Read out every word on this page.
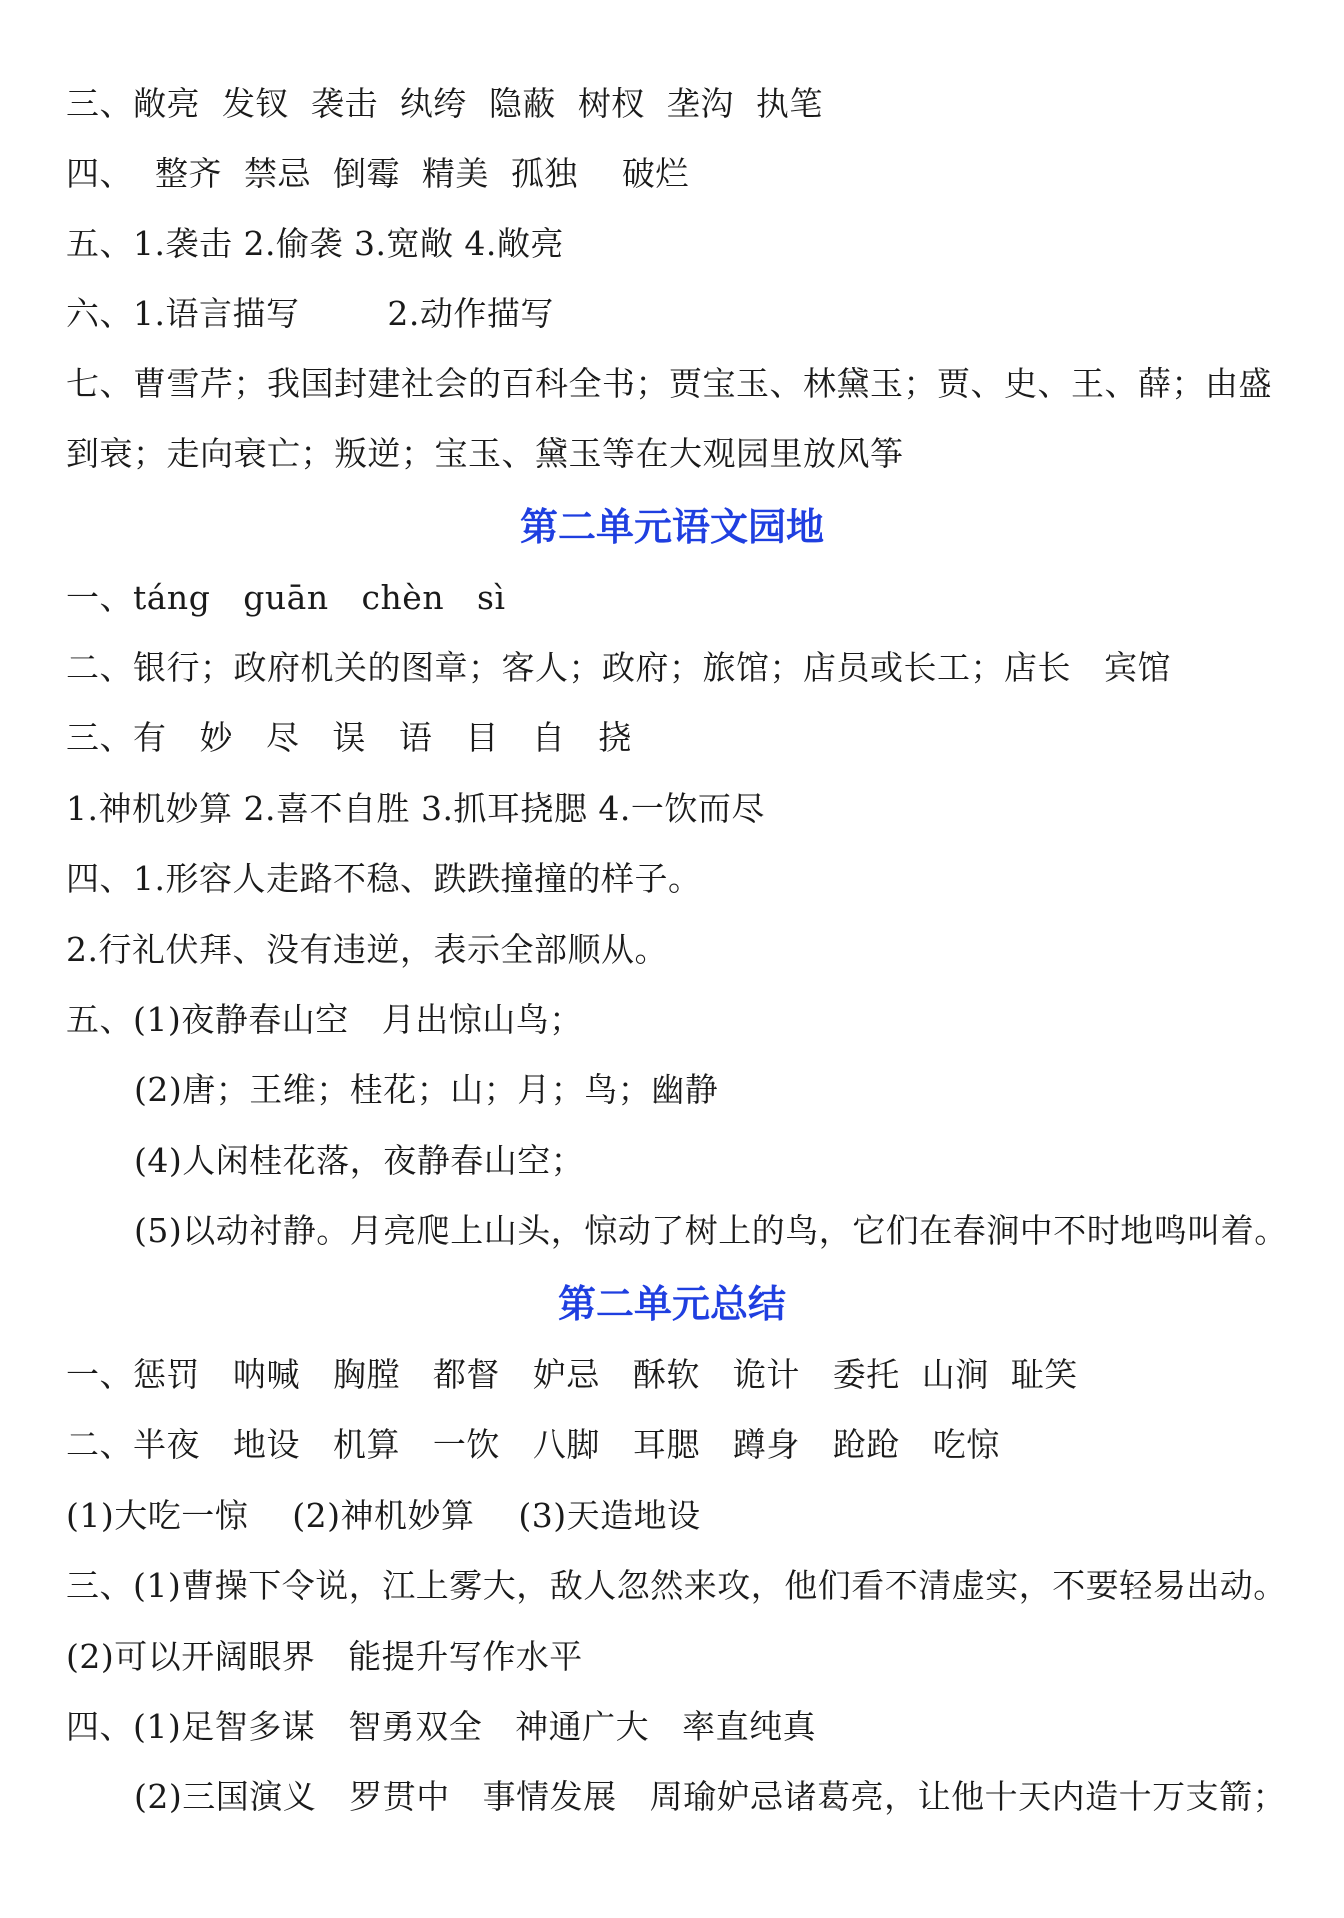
三、敞亮  发钗  袭击  纨绔  隐蔽  树杈  垄沟  执笔
四、  整齐  禁忌  倒霉  精美  孤独    破烂
五、1.袭击 2.偷袭 3.宽敞 4.敞亮
六、1.语言描写        2.动作描写
七、曹雪芹；我国封建社会的百科全书；贾宝玉、林黛玉；贾、史、王、薛；由盛
到衰；走向衰亡；叛逆；宝玉、黛玉等在大观园里放风筝
第二单元语文园地
一、táng   guān   chèn   sì
二、银行；政府机关的图章；客人；政府；旅馆；店员或长工；店长   宾馆
三、有   妙   尽   误   语   目   自   挠
1.神机妙算 2.喜不自胜 3.抓耳挠腮 4.一饮而尽
四、1.形容人走路不稳、跌跌撞撞的样子。
2.行礼伏拜、没有违逆，表示全部顺从。
五、(1)夜静春山空   月出惊山鸟；
(2)唐；王维；桂花；山；月；鸟；幽静
(4)人闲桂花落，夜静春山空；
(5)以动衬静。月亮爬上山头，惊动了树上的鸟，它们在春涧中不时地鸣叫着。
第二单元总结
一、惩罚   呐喊   胸膛   都督   妒忌   酥软   诡计   委托  山涧  耻笑
二、半夜   地设   机算   一饮   八脚   耳腮   蹲身   跄跄   吃惊
(1)大吃一惊    (2)神机妙算    (3)天造地设
三、(1)曹操下令说，江上雾大，敌人忽然来攻，他们看不清虚实，不要轻易出动。
(2)可以开阔眼界   能提升写作水平
四、(1)足智多谋   智勇双全   神通广大   率直纯真
(2)三国演义   罗贯中   事情发展   周瑜妒忌诸葛亮，让他十天内造十万支箭；
